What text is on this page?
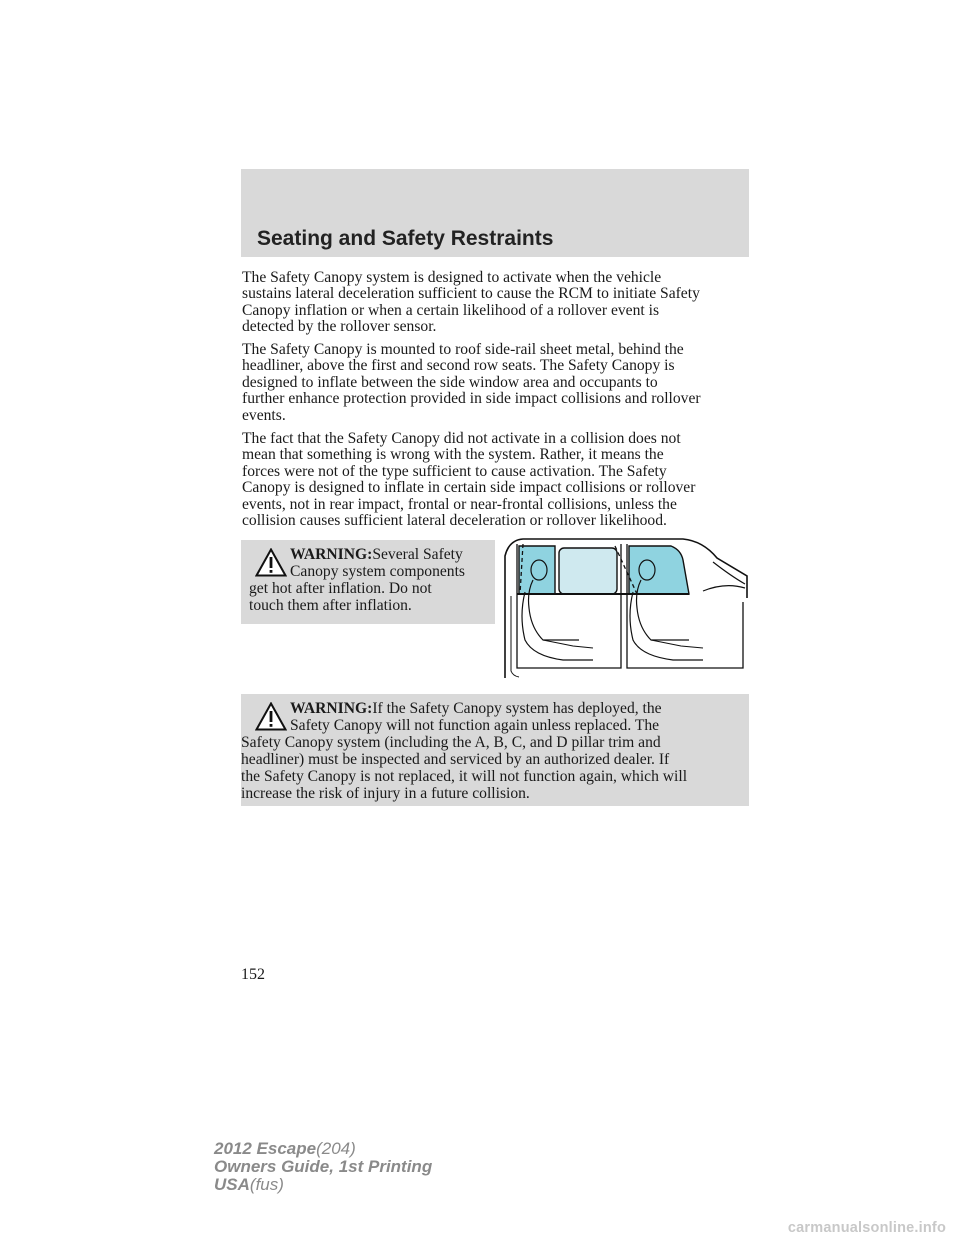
Seating and Safety Restraints
The Safety Canopy system is designed to activate when the vehicle
sustains lateral deceleration sufficient to cause the RCM to initiate Safety
Canopy inflation or when a certain likelihood of a rollover event is
detected by the rollover sensor.
The Safety Canopy is mounted to roof side-rail sheet metal, behind the
headliner, above the first and second row seats. The Safety Canopy is
designed to inflate between the side window area and occupants to
further enhance protection provided in side impact collisions and rollover
events.
The fact that the Safety Canopy did not activate in a collision does not
mean that something is wrong with the system. Rather, it means the
forces were not of the type sufficient to cause activation. The Safety
Canopy is designed to inflate in certain side impact collisions or rollover
events, not in rear impact, frontal or near-frontal collisions, unless the
collision causes sufficient lateral deceleration or rollover likelihood.
WARNING:Several Safety
Canopy system components
get hot after inflation. Do not
touch them after inflation.
WARNING:If the Safety Canopy system has deployed, the
Safety Canopy will not function again unless replaced. The
Safety Canopy system (including the A, B, C, and D pillar trim and
headliner) must be inspected and serviced by an authorized dealer. If
the Safety Canopy is not replaced, it will not function again, which will
increase the risk of injury in a future collision.
152
2012 Escape(204)
Owners Guide, 1st Printing
USA(fus)
carmanualsonline.info
